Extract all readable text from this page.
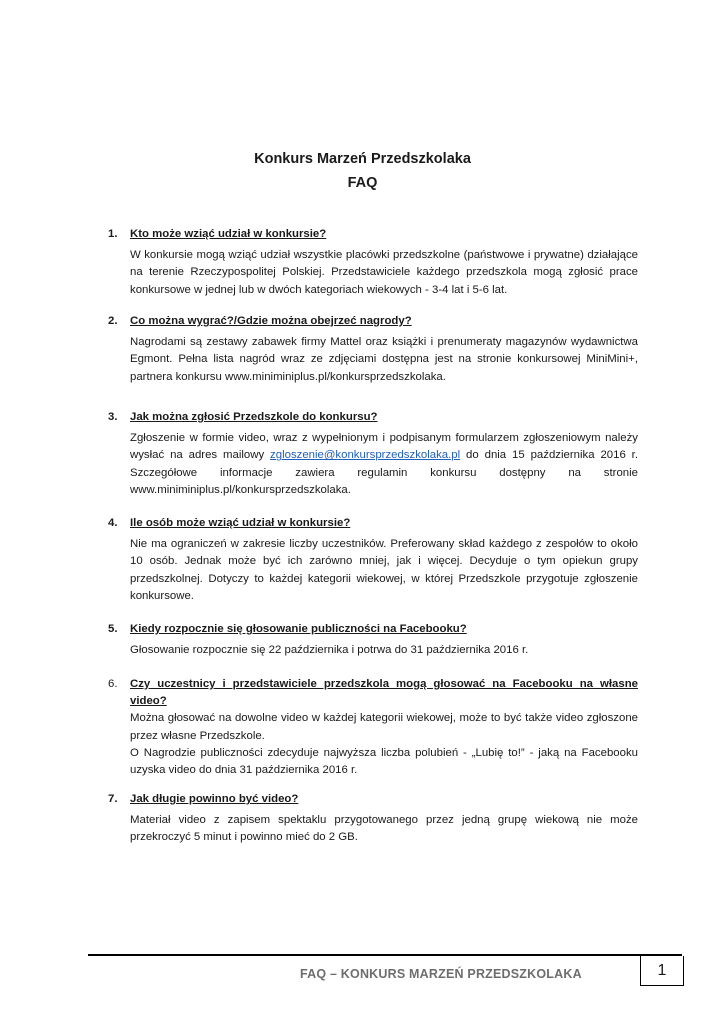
Konkurs Marzeń Przedszkolaka
FAQ
1.	Kto może wziąć udział w konkursie?
W konkursie mogą wziąć udział wszystkie placówki przedszkolne (państwowe i prywatne) działające na terenie Rzeczypospolitej Polskiej. Przedstawiciele każdego przedszkola mogą zgłosić prace konkursowe w jednej lub w dwóch kategoriach wiekowych - 3-4 lat i 5-6 lat.
2.	Co można wygrać?/Gdzie można obejrzeć nagrody?
Nagrodami są zestawy zabawek firmy Mattel oraz książki i prenumeraty magazynów wydawnictwa Egmont. Pełna lista nagród wraz ze zdjęciami dostępna jest na stronie konkursowej MiniMini+, partnera konkursu www.miniminiplus.pl/konkursprzedszkolaka.
3.	Jak można zgłosić Przedszkole do konkursu?
Zgłoszenie w formie video, wraz z wypełnionym i podpisanym formularzem zgłoszeniowym należy wysłać na adres mailowy zgloszenie@konkursprzedszkolaka.pl do dnia 15 października 2016 r. Szczegółowe informacje zawiera regulamin konkursu dostępny na stronie www.miniminiplus.pl/konkursprzedszkolaka.
4.	Ile osób może wziąć udział w konkursie?
Nie ma ograniczeń w zakresie liczby uczestników. Preferowany skład każdego z zespołów to około 10 osób. Jednak może być ich zarówno mniej, jak i więcej. Decyduje o tym opiekun grupy przedszkolnej. Dotyczy to każdej kategorii wiekowej, w której Przedszkole przygotuje zgłoszenie konkursowe.
5.	Kiedy rozpocznie się głosowanie publiczności na Facebooku?
Głosowanie rozpocznie się 22 października i potrwa do 31 października 2016 r.
6.	Czy uczestnicy i przedstawiciele przedszkola mogą głosować na Facebooku na własne video?

Można głosować na dowolne video w każdej kategorii wiekowej, może to być także video zgłoszone przez własne Przedszkole.

O Nagrodzie publiczności zdecyduje najwyższa liczba polubień - „Lubię to!” - jaką na Facebooku uzyska video do dnia 31 października 2016 r.

7.	Jak długie powinno być video?
Materiał video z zapisem spektaklu przygotowanego przez jedną grupę wiekową nie może przekroczyć 5 minut i powinno mieć do 2 GB.
FAQ – KONKURS MARZEŃ PRZEDSZKOLAKA	1
